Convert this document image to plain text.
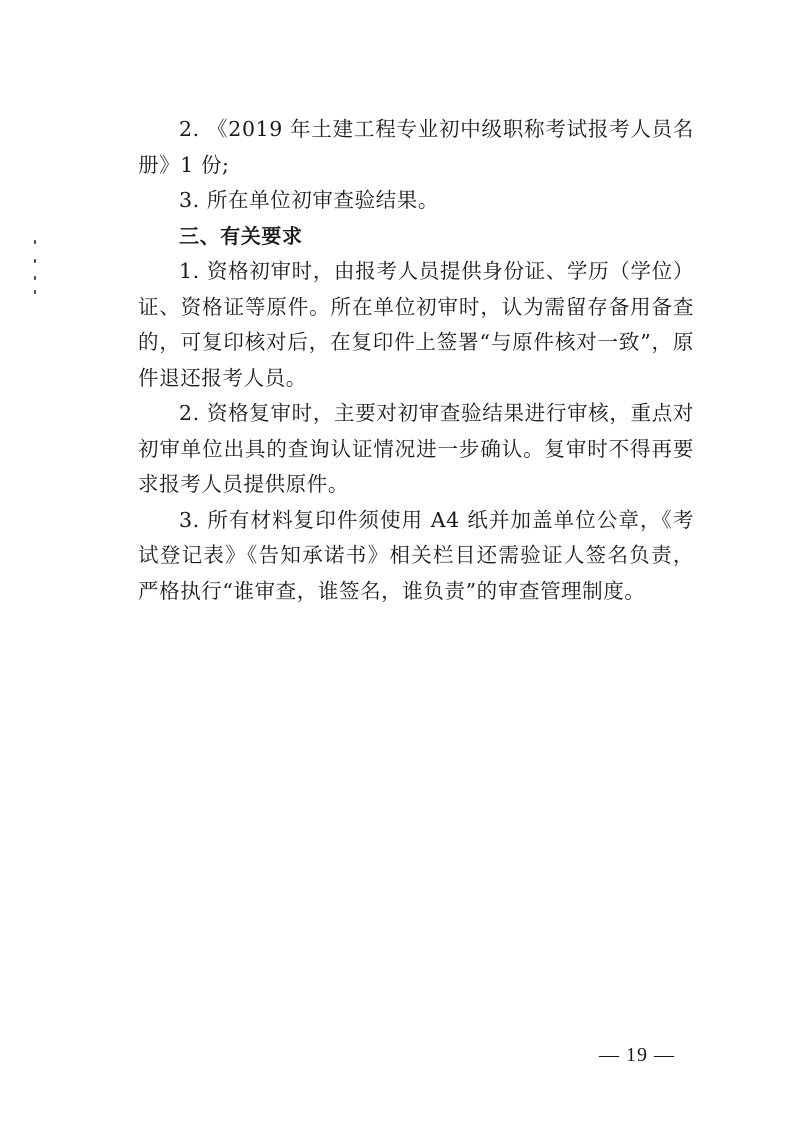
2. 《2019 年土建工程专业初中级职称考试报考人员名册》1 份;

3. 所在单位初审查验结果。

三、有关要求

1. 资格初审时，由报考人员提供身份证、学历（学位）证、资格证等原件。所在单位初审时，认为需留存备用备查的，可复印核对后，在复印件上签署“与原件核对一致”，原件退还报考人员。

2. 资格复审时，主要对初审查验结果进行审核，重点对初审单位出具的查询认证情况进一步确认。复审时不得再要求报考人员提供原件。

3. 所有材料复印件须使用 A4 纸并加盖单位公章，《考试登记表》《告知承诺书》相关栏目还需验证人签名负责，严格执行“谁审查，谁签名，谁负责”的审查管理制度。

— 19 —
